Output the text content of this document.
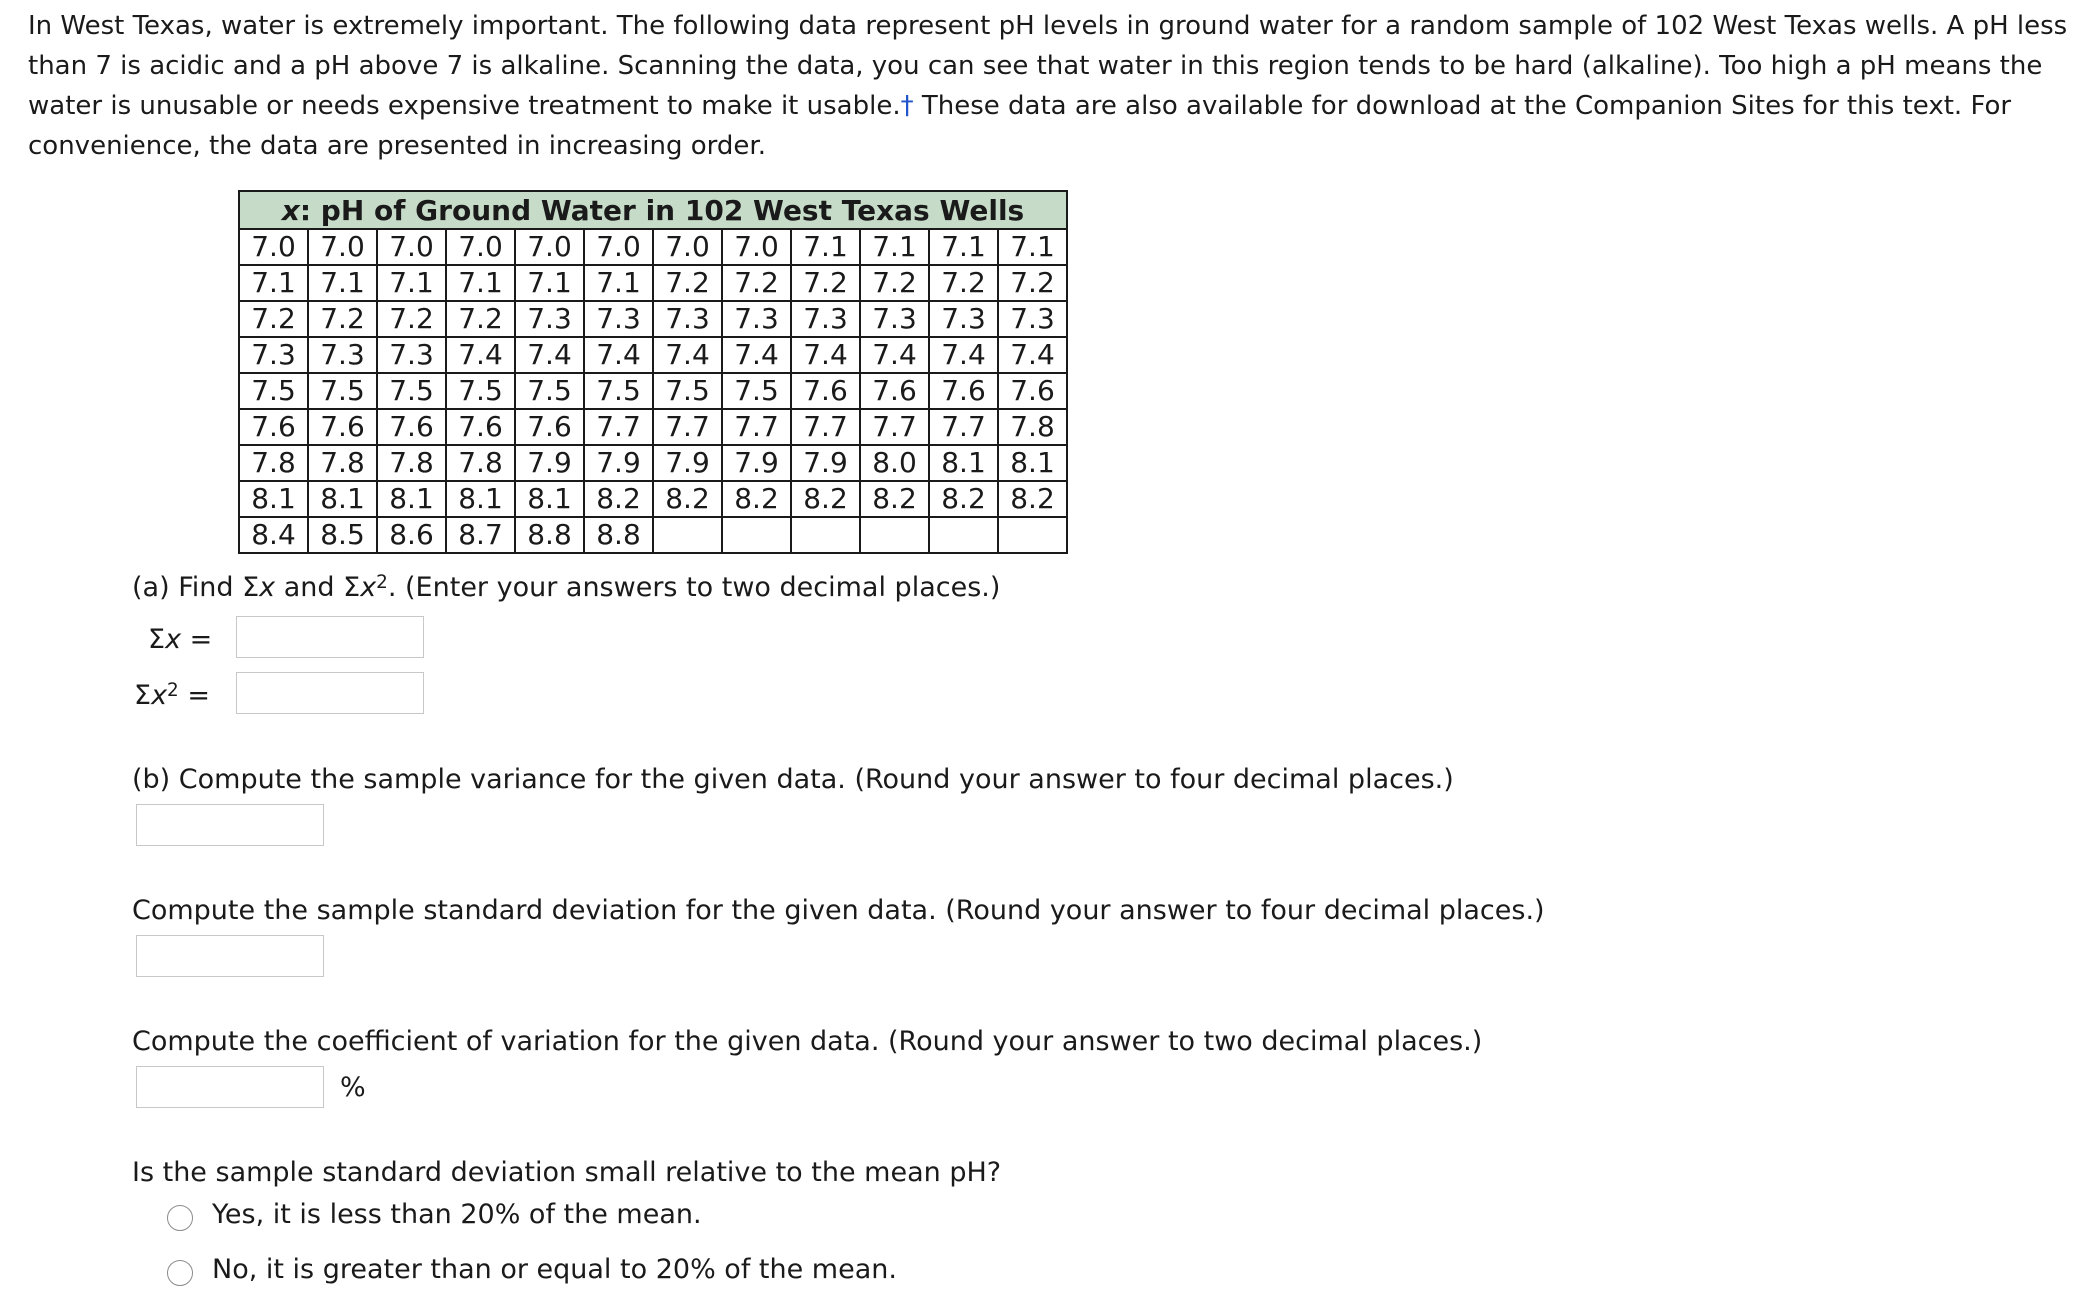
In West Texas, water is extremely important. The following data represent pH levels in ground water for a random sample of 102 West Texas wells. A pH less than 7 is acidic and a pH above 7 is alkaline. Scanning the data, you can see that water in this region tends to be hard (alkaline). Too high a pH means the water is unusable or needs expensive treatment to make it usable.† These data are also available for download at the Companion Sites for this text. For convenience, the data are presented in increasing order.

x: pH of Ground Water in 102 West Texas Wells											
7.0	7.0	7.0	7.0	7.0	7.0	7.0	7.0	7.1	7.1	7.1	7.1
7.1	7.1	7.1	7.1	7.1	7.1	7.2	7.2	7.2	7.2	7.2	7.2
7.2	7.2	7.2	7.2	7.3	7.3	7.3	7.3	7.3	7.3	7.3	7.3
7.3	7.3	7.3	7.4	7.4	7.4	7.4	7.4	7.4	7.4	7.4	7.4
7.5	7.5	7.5	7.5	7.5	7.5	7.5	7.5	7.6	7.6	7.6	7.6
7.6	7.6	7.6	7.6	7.6	7.7	7.7	7.7	7.7	7.7	7.7	7.8
7.8	7.8	7.8	7.8	7.9	7.9	7.9	7.9	7.9	8.0	8.1	8.1
8.1	8.1	8.1	8.1	8.1	8.2	8.2	8.2	8.2	8.2	8.2	8.2
8.4	8.5	8.6	8.7	8.8	8.8						
(a) Find Σx and $\Sigma x^2$. (Enter your answers to two decimal places.)
Σx =
$\Sigma x^2$ =
(b) Compute the sample variance for the given data. (Round your answer to four decimal places.)
Compute the sample standard deviation for the given data. (Round your answer to four decimal places.)
Compute the coefficient of variation for the given data. (Round your answer to two decimal places.)
%
Is the sample standard deviation small relative to the mean pH?
Yes, it is less than 20% of the mean.
No, it is greater than or equal to 20% of the mean.
